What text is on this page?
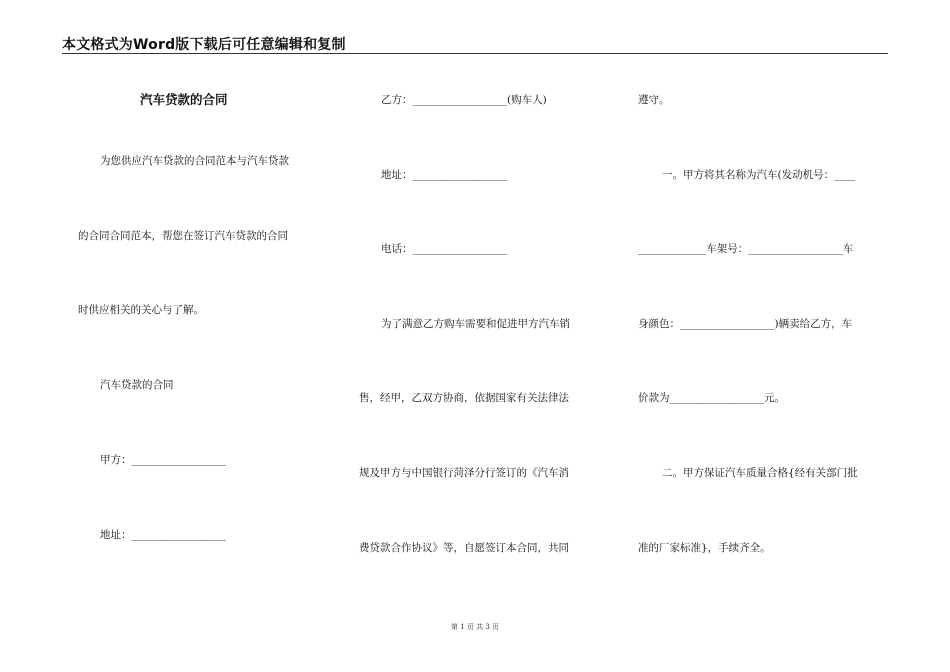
本文格式为Word版下载后可任意编辑和复制
汽车贷款的合同
为您供应汽车贷款的合同范本与汽车贷款
的合同合同范本，帮您在签订汽车贷款的合同
时供应相关的关心与了解。
汽车贷款的合同
甲方：__________________
地址：__________________
乙方：__________________(购车人)
地址：__________________
电话：__________________
为了满意乙方购车需要和促进甲方汽车销
售，经甲，乙双方协商，依据国家有关法律法
规及甲方与中国银行菏泽分行签订的《汽车消
费贷款合作协议》等，自愿签订本合同，共同
遵守。
一。甲方将其名称为汽车(发动机号：____
_____________车架号：__________________车
身颜色：__________________)辆卖给乙方，车
价款为__________________元。
二。甲方保证汽车质量合格{经有关部门批
准的厂家标准}，手续齐全。
第 1 页 共 3 页
